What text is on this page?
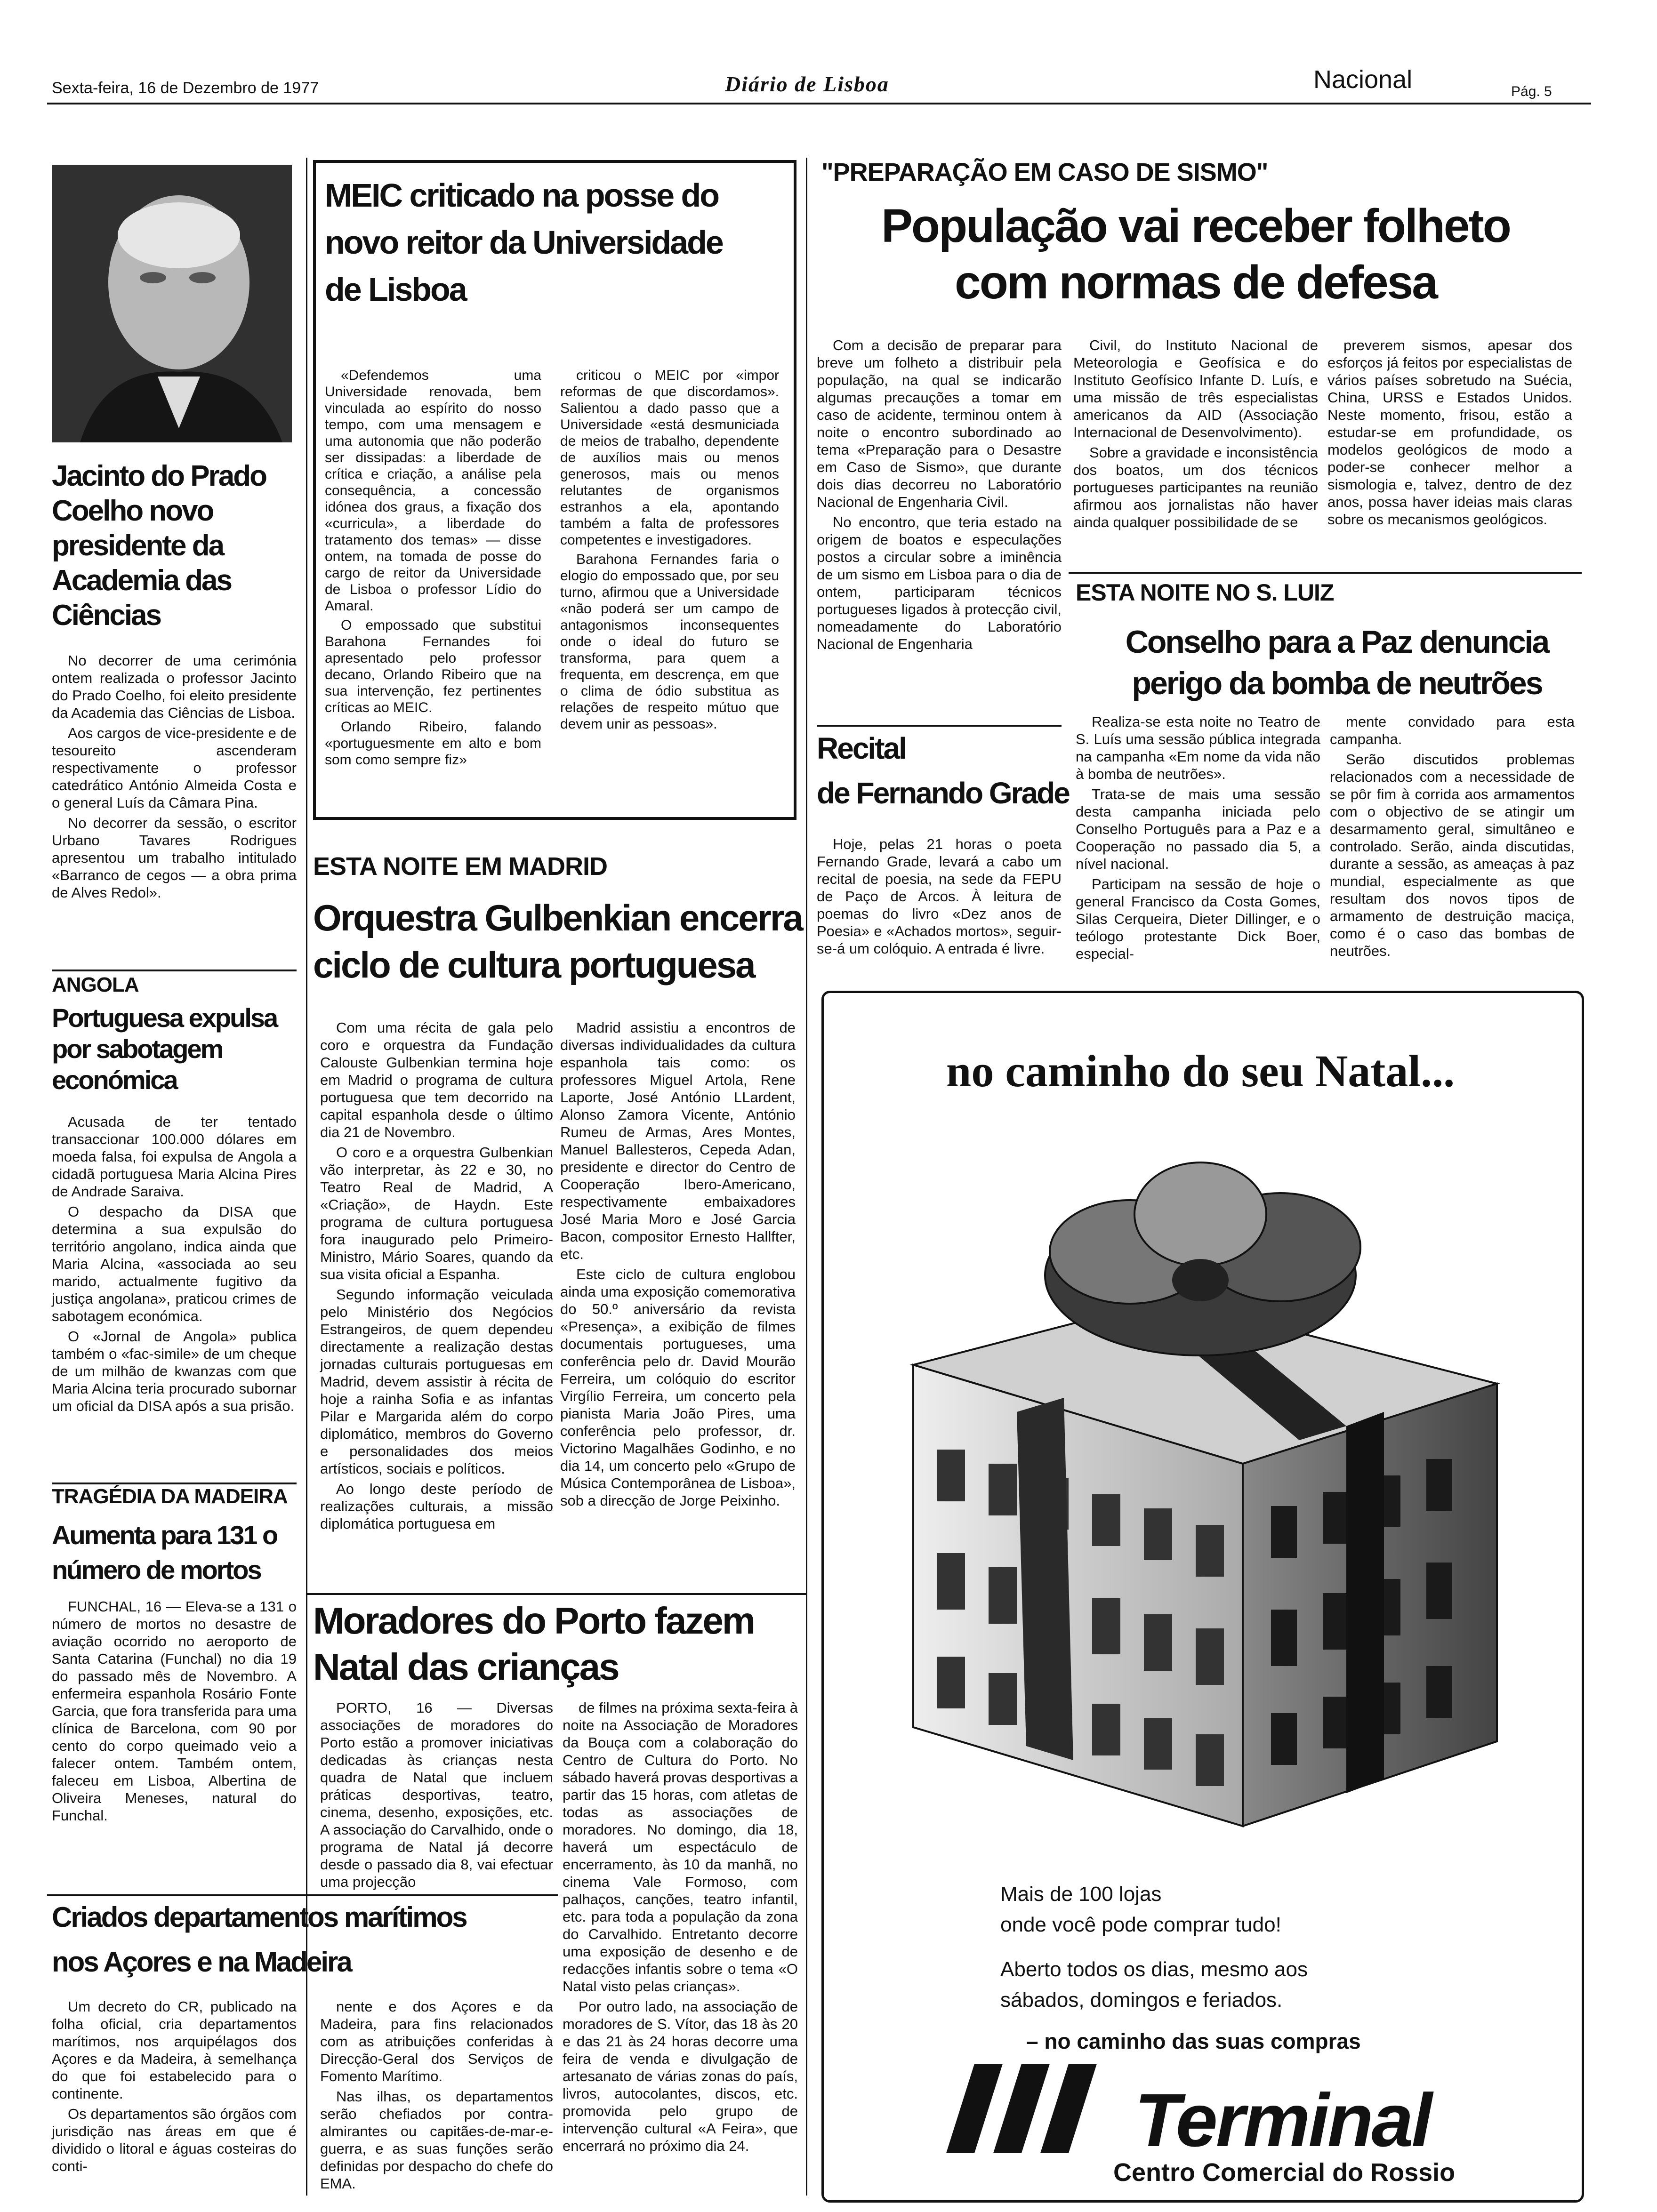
Sexta-feira, 16 de Dezembro de 1977	Diário de Lisboa	Nacional	Pág. 5
Jacinto do Prado Coelho novo presidente da Academia das Ciências

No decorrer de uma cerimónia ontem realizada o professor Jacinto do Prado Coelho, foi eleito presidente da Academia das Ciências de Lisboa.

Aos cargos de vice-presidente e de tesoureito ascenderam respectivamente o professor catedrático António Almeida Costa e o general Luís da Câmara Pina.

No decorrer da sessão, o escritor Urbano Tavares Rodrigues apresentou um trabalho intitulado «Barranco de cegos — a obra prima de Alves Redol».

ANGOLA
Portuguesa expulsa por sabotagem económica

Acusada de ter tentado transaccionar 100.000 dólares em moeda falsa, foi expulsa de Angola a cidadã portuguesa Maria Alcina Pires de Andrade Saraiva.

O despacho da DISA que determina a sua expulsão do território angolano, indica ainda que Maria Alcina, «associada ao seu marido, actualmente fugitivo da justiça angolana», praticou crimes de sabotagem económica.

O «Jornal de Angola» publica também o «fac-simile» de um cheque de um milhão de kwanzas com que Maria Alcina teria procurado subornar um oficial da DISA após a sua prisão.

TRAGÉDIA DA MADEIRA
Aumenta para 131 o número de mortos

FUNCHAL, 16 — Eleva-se a 131 o número de mortos no desastre de aviação ocorrido no aeroporto de Santa Catarina (Funchal) no dia 19 do passado mês de Novembro. A enfermeira espanhola Rosário Fonte Garcia, que fora transferida para uma clínica de Barcelona, com 90 por cento do corpo queimado veio a falecer ontem. Também ontem, faleceu em Lisboa, Albertina de Oliveira Meneses, natural do Funchal.

MEIC criticado na posse do novo reitor da Universidade de Lisboa

«Defendemos uma Universidade renovada, bem vinculada ao espírito do nosso tempo, com uma mensagem e uma autonomia que não poderão ser dissipadas: a liberdade de crítica e criação, a análise pela consequência, a concessão idónea dos graus, a fixação dos «curricula», a liberdade do tratamento dos temas» — disse ontem, na tomada de posse do cargo de reitor da Universidade de Lisboa o professor Lídio do Amaral.

O empossado que substitui Barahona Fernandes foi apresentado pelo professor decano, Orlando Ribeiro que na sua intervenção, fez pertinentes críticas ao MEIC.

Orlando Ribeiro, falando «portuguesmente em alto e bom som como sempre fiz»

criticou o MEIC por «impor reformas de que discordamos». Salientou a dado passo que a Universidade «está desmuniciada de meios de trabalho, dependente de auxílios mais ou menos generosos, mais ou menos relutantes de organismos estranhos a ela, apontando também a falta de professores competentes e investigadores.

Barahona Fernandes faria o elogio do empossado que, por seu turno, afirmou que a Universidade «não poderá ser um campo de antagonismos inconsequentes onde o ideal do futuro se transforma, para quem a frequenta, em descrença, em que o clima de ódio substitua as relações de respeito mútuo que devem unir as pessoas».

ESTA NOITE EM MADRID
Orquestra Gulbenkian encerra ciclo de cultura portuguesa

Com uma récita de gala pelo coro e orquestra da Fundação Calouste Gulbenkian termina hoje em Madrid o programa de cultura portuguesa que tem decorrido na capital espanhola desde o último dia 21 de Novembro.

O coro e a orquestra Gulbenkian vão interpretar, às 22 e 30, no Teatro Real de Madrid, A «Criação», de Haydn. Este programa de cultura portuguesa fora inaugurado pelo Primeiro-Ministro, Mário Soares, quando da sua visita oficial a Espanha.

Segundo informação veiculada pelo Ministério dos Negócios Estrangeiros, de quem dependeu directamente a realização destas jornadas culturais portuguesas em Madrid, devem assistir à récita de hoje a rainha Sofia e as infantas Pilar e Margarida além do corpo diplomático, membros do Governo e personalidades dos meios artísticos, sociais e políticos.

Ao longo deste período de realizações culturais, a missão diplomática portuguesa em

Madrid assistiu a encontros de diversas individualidades da cultura espanhola tais como: os professores Miguel Artola, Rene Laporte, José António LLardent, Alonso Zamora Vicente, António Rumeu de Armas, Ares Montes, Manuel Ballesteros, Cepeda Adan, presidente e director do Centro de Cooperação Ibero-Americano, respectivamente embaixadores José Maria Moro e José Garcia Bacon, compositor Ernesto Hallfter, etc.

Este ciclo de cultura englobou ainda uma exposição comemorativa do 50.º aniversário da revista «Presença», a exibição de filmes documentais portugueses, uma conferência pelo dr. David Mourão Ferreira, um colóquio do escritor Virgílio Ferreira, um concerto pela pianista Maria João Pires, uma conferência pelo professor, dr. Victorino Magalhães Godinho, e no dia 14, um concerto pelo «Grupo de Música Contemporânea de Lisboa», sob a direcção de Jorge Peixinho.

Moradores do Porto fazem Natal das crianças

PORTO, 16 — Diversas associações de moradores do Porto estão a promover iniciativas dedicadas às crianças nesta quadra de Natal que incluem práticas desportivas, teatro, cinema, desenho, exposições, etc. A associação do Carvalhido, onde o programa de Natal já decorre desde o passado dia 8, vai efectuar uma projecção

de filmes na próxima sexta-feira à noite na Associação de Moradores da Bouça com a colaboração do Centro de Cultura do Porto. No sábado haverá provas desportivas a partir das 15 horas, com atletas de todas as associações de moradores. No domingo, dia 18, haverá um espectáculo de encerramento, às 10 da manhã, no cinema Vale Formoso, com palhaços, canções, teatro infantil, etc. para toda a população da zona do Carvalhido. Entretanto decorre uma exposição de desenho e de redacções infantis sobre o tema «O Natal visto pelas crianças».

Por outro lado, na associação de moradores de S. Vítor, das 18 às 20 e das 21 às 24 horas decorre uma feira de venda e divulgação de artesanato de várias zonas do país, livros, autocolantes, discos, etc. promovida pelo grupo de intervenção cultural «A Feira», que encerrará no próximo dia 24.

Criados departamentos marítimos
nos Açores e na Madeira

Um decreto do CR, publicado na folha oficial, cria departamentos marítimos, nos arquipélagos dos Açores e da Madeira, à semelhança do que foi estabelecido para o continente.

Os departamentos são órgãos com jurisdição nas áreas em que é dividido o litoral e águas costeiras do conti-

nente e dos Açores e da Madeira, para fins relacionados com as atribuições conferidas à Direcção-Geral dos Serviços de Fomento Marítimo.

Nas ilhas, os departamentos serão chefiados por contra-almirantes ou capitães-de-mar-e-guerra, e as suas funções serão definidas por despacho do chefe do EMA.

"PREPARAÇÃO EM CASO DE SISMO"
População vai receber folheto com normas de defesa

Com a decisão de preparar para breve um folheto a distribuir pela população, na qual se indicarão algumas precauções a tomar em caso de acidente, terminou ontem à noite o encontro subordinado ao tema «Preparação para o Desastre em Caso de Sismo», que durante dois dias decorreu no Laboratório Nacional de Engenharia Civil.

No encontro, que teria estado na origem de boatos e especulações postos a circular sobre a iminência de um sismo em Lisboa para o dia de ontem, participaram técnicos portugueses ligados à protecção civil, nomeadamente do Laboratório Nacional de Engenharia

Civil, do Instituto Nacional de Meteorologia e Geofísica e do Instituto Geofísico Infante D. Luís, e uma missão de três especialistas americanos da AID (Associação Internacional de Desenvolvimento).

Sobre a gravidade e inconsistência dos boatos, um dos técnicos portugueses participantes na reunião afirmou aos jornalistas não haver ainda qualquer possibilidade de se

preverem sismos, apesar dos esforços já feitos por especialistas de vários países sobretudo na Suécia, China, URSS e Estados Unidos. Neste momento, frisou, estão a estudar-se em profundidade, os modelos geológicos de modo a poder-se conhecer melhor a sismologia e, talvez, dentro de dez anos, possa haver ideias mais claras sobre os mecanismos geológicos.

Recital
de Fernando Grade

Hoje, pelas 21 horas o poeta Fernando Grade, levará a cabo um recital de poesia, na sede da FEPU de Paço de Arcos. À leitura de poemas do livro «Dez anos de Poesia» e «Achados mortos», seguir-se-á um colóquio. A entrada é livre.

ESTA NOITE NO S. LUIZ
Conselho para a Paz denuncia perigo da bomba de neutrões

Realiza-se esta noite no Teatro de S. Luís uma sessão pública integrada na campanha «Em nome da vida não à bomba de neutrões».

Trata-se de mais uma sessão desta campanha iniciada pelo Conselho Português para a Paz e a Cooperação no passado dia 5, a nível nacional.

Participam na sessão de hoje o general Francisco da Costa Gomes, Silas Cerqueira, Dieter Dillinger, e o teólogo protestante Dick Boer, especial-

mente convidado para esta campanha.

Serão discutidos problemas relacionados com a necessidade de se pôr fim à corrida aos armamentos com o objectivo de se atingir um desarmamento geral, simultâneo e controlado. Serão, ainda discutidas, durante a sessão, as ameaças à paz mundial, especialmente as que resultam dos novos tipos de armamento de destruição maciça, como é o caso das bombas de neutrões.

no caminho do seu Natal...
Mais de 100 lojas
onde você pode comprar tudo!
Aberto todos os dias, mesmo aos
sábados, domingos e feriados.
– no caminho das suas compras
Terminal
Centro Comercial do Rossio
